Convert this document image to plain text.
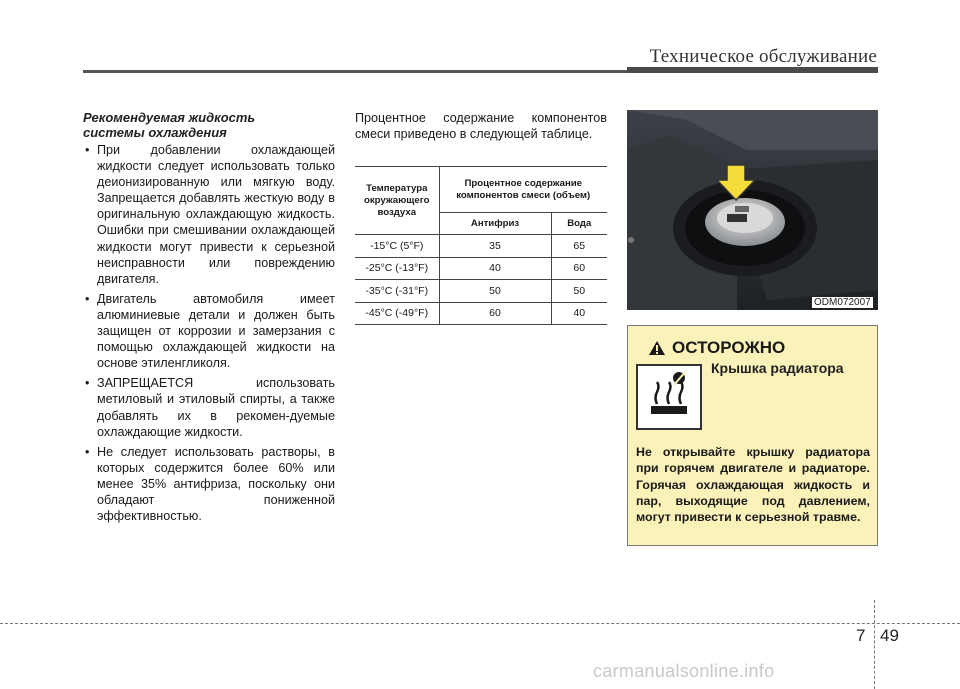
Техническое обслуживание
Рекомендуемая жидкость
системы охлаждения
• При добавлении охлаждающей жидкости следует использовать только деионизированную или мягкую воду. Запрещается добавлять жесткую воду в оригинальную охлаждающую жидкость. Ошибки при смешивании охлаждающей жидкости могут привести к серьезной неисправности или повреждению двигателя.
• Двигатель автомобиля имеет алюминиевые детали и должен быть защищен от коррозии и замерзания с помощью охлаждающей жидкости на основе этиленгликоля.
• ЗАПРЕЩАЕТСЯ использовать метиловый и этиловый спирты, а также добавлять их в рекомен-дуемые охлаждающие жидкости.
• Не следует использовать растворы, в которых содержится более 60% или менее 35% антифриза, поскольку они обладают пониженной эффективностью.

Процентное содержание компонентов смеси приведено в следующей таблице.

Температура окружающего воздуха	Процентное содержание компонентов смеси (объем)	
	Антифриз	Вода
-15°C (5°F)	35	65
-25°C (-13°F)	40	60
-35°C (-31°F)	50	50
-45°C (-49°F)	60	40
ODM072007
ОСТОРОЖНО
Крышка радиатора
Не открывайте крышку радиатора при горячем двигателе и радиаторе. Горячая охлаждающая жидкость и пар, выходящие под давлением, могут привести к серьезной травме.
7 49
carmanualsonline.info
